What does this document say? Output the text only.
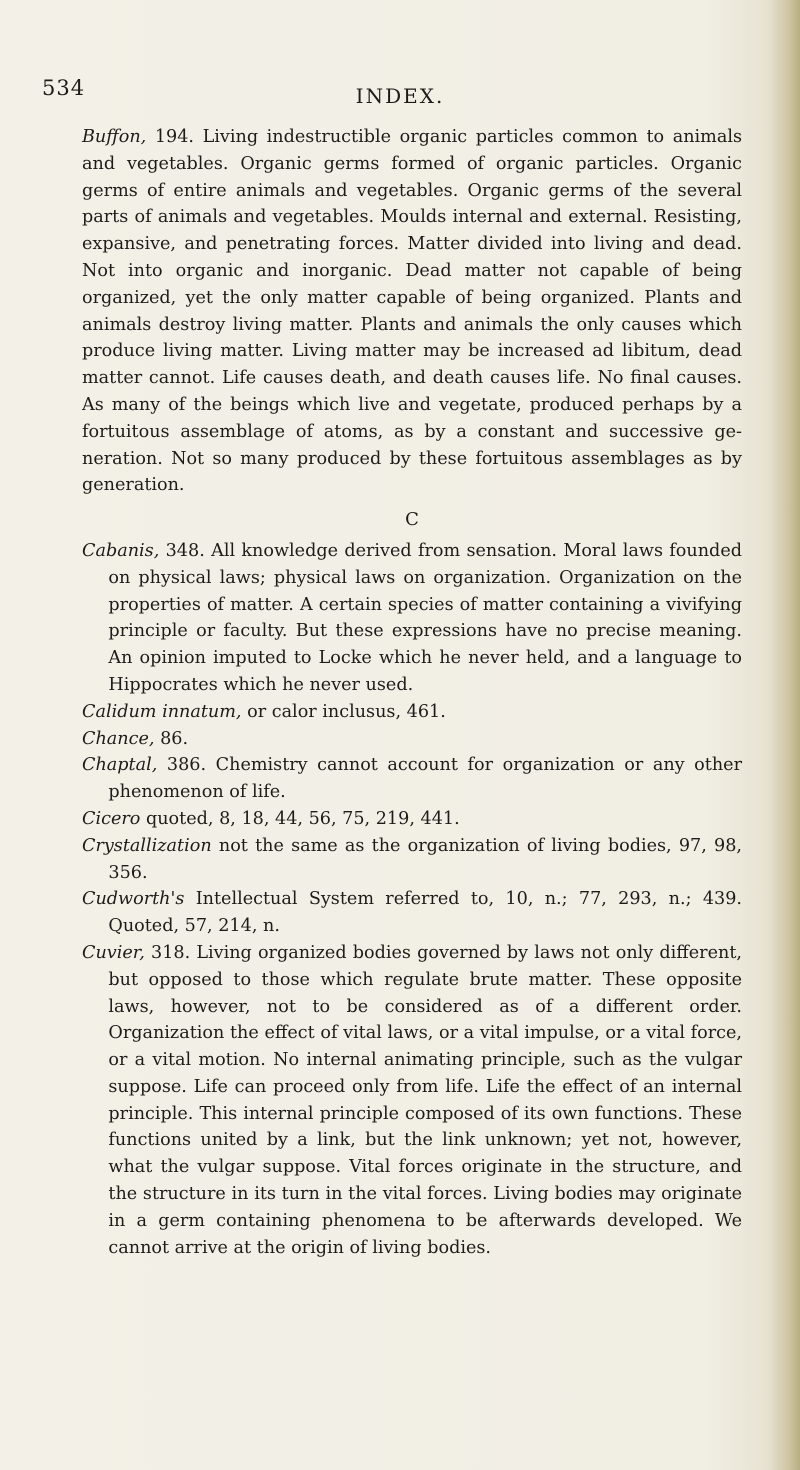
534	INDEX.

Buffon, 194. Living indestructible organic particles common to animals and vegetables. Organic germs formed of organic particles. Organic germs of entire animals and vegetables. Organic germs of the several parts of animals and vegetables. Moulds internal and external. Resisting, expansive, and penetrating forces. Matter divided into living and dead. Not into organic and inorganic. Dead matter not capable of being organized, yet the only matter capable of being organized. Plants and animals destroy living matter. Plants and animals the only causes which produce living matter. Living matter may be increased ad libitum, dead matter cannot. Life causes death, and death causes life. No final causes. As many of the beings which live and vegetate, produced perhaps by a fortuitous assemblage of atoms, as by a constant and successive generation. Not so many produced by these fortuitous assemblages as by generation.

C

Cabanis, 348. All knowledge derived from sensation. Moral laws founded on physical laws; physical laws on organization. Organization on the properties of matter. A certain species of matter containing a vivifying principle or faculty. But these expressions have no precise meaning. An opinion imputed to Locke which he never held, and a language to Hippocrates which he never used.

Calidum innatum, or calor inclusus, 461.

Chance, 86.

Chaptal, 386. Chemistry cannot account for organization or any other phenomenon of life.

Cicero quoted, 8, 18, 44, 56, 75, 219, 441.

Crystallization not the same as the organization of living bodies, 97, 98, 356.

Cudworth's Intellectual System referred to, 10, n.; 77, 293, n.; 439. Quoted, 57, 214, n.

Cuvier, 318. Living organized bodies governed by laws not only different, but opposed to those which regulate brute matter. These opposite laws, however, not to be considered as of a different order. Organization the effect of vital laws, or a vital impulse, or a vital force, or a vital motion. No internal animating principle, such as the vulgar suppose. Life can proceed only from life. Life the effect of an internal principle. This internal principle composed of its own functions. These functions united by a link, but the link unknown; yet not, however, what the vulgar suppose. Vital forces originate in the structure, and the structure in its turn in the vital forces. Living bodies may originate in a germ containing phenomena to be afterwards developed. We cannot arrive at the origin of living bodies.
